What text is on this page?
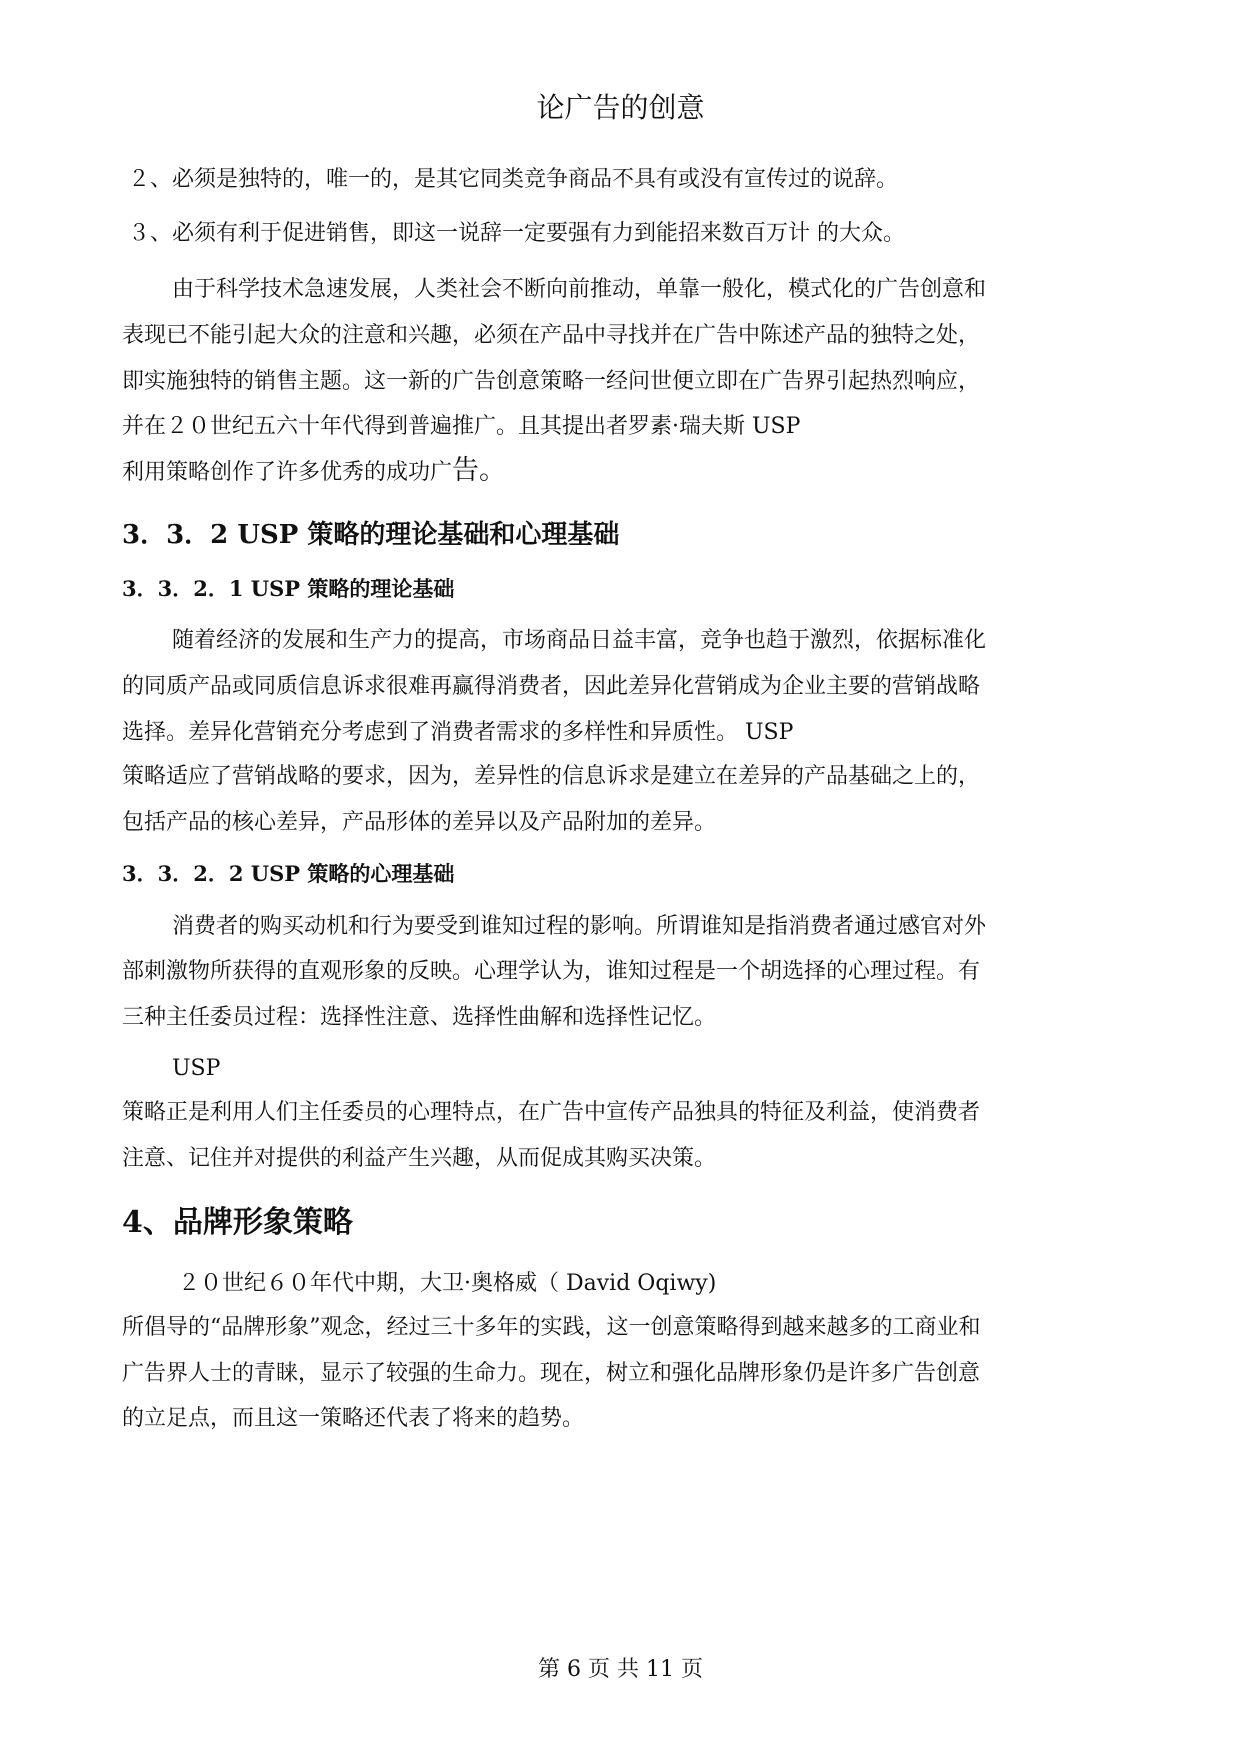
论广告的创意
２、必须是独特的，唯一的，是其它同类竞争商品不具有或没有宣传过的说辞。
３、必须有利于促进销售，即这一说辞一定要强有力到能招来数百万计 的大众。
由于科学技术急速发展，人类社会不断向前推动，单靠一般化，模式化的广告创意和
表现已不能引起大众的注意和兴趣，必须在产品中寻找并在广告中陈述产品的独特之处，
即实施独特的销售主题。这一新的广告创意策略一经问世便立即在广告界引起热烈响应，
并在２０世纪五六十年代得到普遍推广。且其提出者罗素·瑞夫斯 USP
利用策略创作了许多优秀的成功广告。
3．3．2 USP 策略的理论基础和心理基础
3．3．2．1 USP 策略的理论基础
随着经济的发展和生产力的提高，市场商品日益丰富，竞争也趋于激烈，依据标准化
的同质产品或同质信息诉求很难再赢得消费者，因此差异化营销成为企业主要的营销战略
选择。差异化营销充分考虑到了消费者需求的多样性和异质性。 USP
策略适应了营销战略的要求，因为，差异性的信息诉求是建立在差异的产品基础之上的，
包括产品的核心差异，产品形体的差异以及产品附加的差异。
3．3．2．2 USP 策略的心理基础
消费者的购买动机和行为要受到谁知过程的影响。所谓谁知是指消费者通过感官对外
部刺激物所获得的直观形象的反映。心理学认为，谁知过程是一个胡选择的心理过程。有
三种主任委员过程：选择性注意、选择性曲解和选择性记忆。
USP
策略正是利用人们主任委员的心理特点，在广告中宣传产品独具的特征及利益，使消费者
注意、记住并对提供的利益产生兴趣，从而促成其购买决策。
4、品牌形象策略
２０世纪６０年代中期，大卫·奥格威（ David Oqiwy)
所倡导的“品牌形象”观念，经过三十多年的实践，这一创意策略得到越来越多的工商业和
广告界人士的青睐，显示了较强的生命力。现在，树立和强化品牌形象仍是许多广告创意
的立足点，而且这一策略还代表了将来的趋势。
第 6 页 共 11 页
